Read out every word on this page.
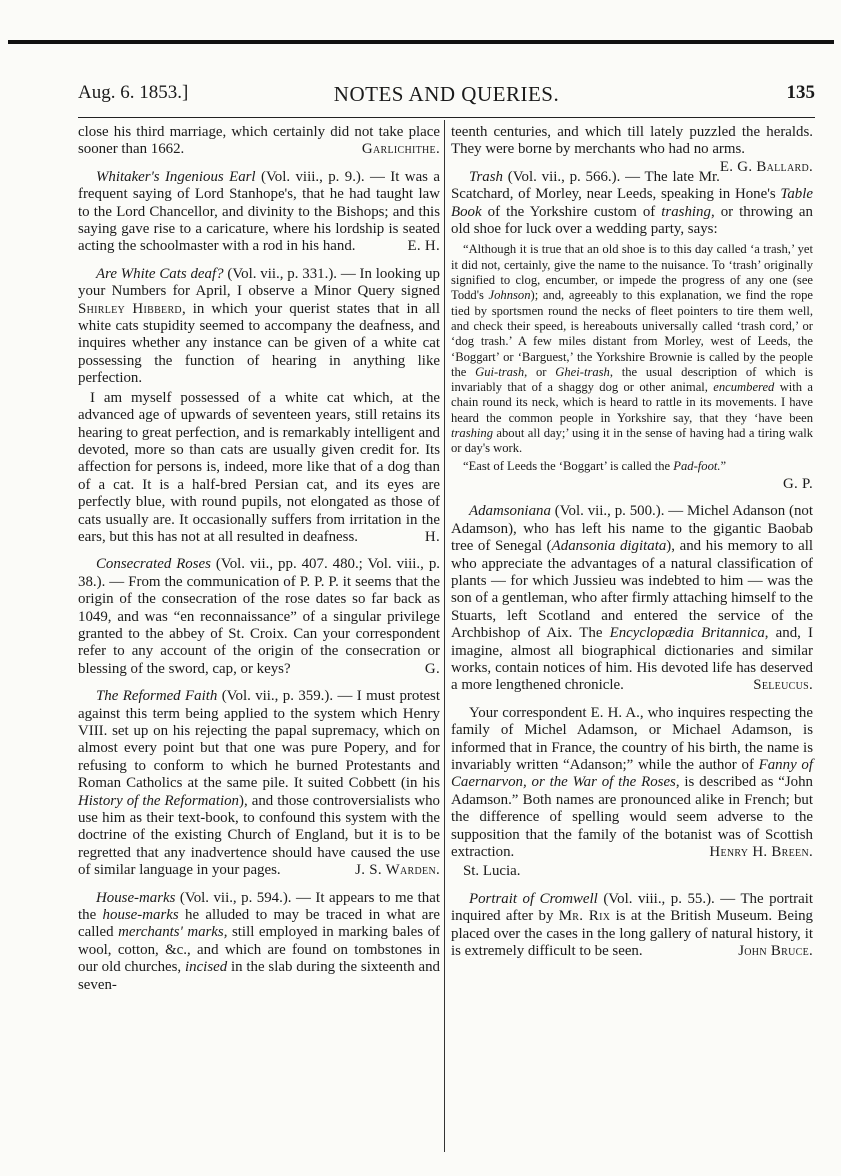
Aug. 6. 1853.]	NOTES AND QUERIES.	135

close his third marriage, which certainly did not take place sooner than 1662.	Garlichithe.

Whitaker's Ingenious Earl (Vol. viii., p. 9.). — It was a frequent saying of Lord Stanhope's, that he had taught law to the Lord Chancellor, and divinity to the Bishops; and this saying gave rise to a caricature, where his lordship is seated acting the schoolmaster with a rod in his hand.	E. H.

Are White Cats deaf? (Vol. vii., p. 331.). — In looking up your Numbers for April, I observe a Minor Query signed Shirley Hibberd, in which your querist states that in all white cats stupidity seemed to accompany the deafness, and inquires whether any instance can be given of a white cat possessing the function of hearing in anything like perfection.

I am myself possessed of a white cat which, at the advanced age of upwards of seventeen years, still retains its hearing to great perfection, and is remarkably intelligent and devoted, more so than cats are usually given credit for. Its affection for persons is, indeed, more like that of a dog than of a cat. It is a half-bred Persian cat, and its eyes are perfectly blue, with round pupils, not elongated as those of cats usually are. It occasionally suffers from irritation in the ears, but this has not at all resulted in deafness.	H.

Consecrated Roses (Vol. vii., pp. 407. 480.; Vol. viii., p. 38.). — From the communication of P. P. P. it seems that the origin of the consecration of the rose dates so far back as 1049, and was “en reconnaissance” of a singular privilege granted to the abbey of St. Croix. Can your correspondent refer to any account of the origin of the consecration or blessing of the sword, cap, or keys?	G.

The Reformed Faith (Vol. vii., p. 359.). — I must protest against this term being applied to the system which Henry VIII. set up on his rejecting the papal supremacy, which on almost every point but that one was pure Popery, and for refusing to conform to which he burned Protestants and Roman Catholics at the same pile. It suited Cobbett (in his History of the Reformation), and those controversialists who use him as their text-book, to confound this system with the doctrine of the existing Church of England, but it is to be regretted that any inadvertence should have caused the use of similar language in your pages.	J. S. Warden.

House-marks (Vol. vii., p. 594.). — It appears to me that the house-marks he alluded to may be traced in what are called merchants' marks, still employed in marking bales of wool, cotton, &c., and which are found on tombstones in our old churches, incised in the slab during the sixteenth and seven-

teenth centuries, and which till lately puzzled the heralds. They were borne by merchants who had no arms.
E. G. Ballard.

Trash (Vol. vii., p. 566.). — The late Mr. Scatchard, of Morley, near Leeds, speaking in Hone's Table Book of the Yorkshire custom of trashing, or throwing an old shoe for luck over a wedding party, says:

“Although it is true that an old shoe is to this day called ‘a trash,’ yet it did not, certainly, give the name to the nuisance. To ‘trash’ originally signified to clog, encumber, or impede the progress of any one (see Todd's Johnson); and, agreeably to this explanation, we find the rope tied by sportsmen round the necks of fleet pointers to tire them well, and check their speed, is hereabouts universally called ‘trash cord,’ or ‘dog trash.’ A few miles distant from Morley, west of Leeds, the ‘Boggart’ or ‘Barguest,’ the Yorkshire Brownie is called by the people the Gui-trash, or Ghei-trash, the usual description of which is invariably that of a shaggy dog or other animal, encumbered with a chain round its neck, which is heard to rattle in its movements. I have heard the common people in Yorkshire say, that they ‘have been trashing about all day;’ using it in the sense of having had a tiring walk or day's work.

“East of Leeds the ‘Boggart’ is called the Pad-foot.”

G. P.

Adamsoniana (Vol. vii., p. 500.). — Michel Adanson (not Adamson), who has left his name to the gigantic Baobab tree of Senegal (Adansonia digitata), and his memory to all who appreciate the advantages of a natural classification of plants — for which Jussieu was indebted to him — was the son of a gentleman, who after firmly attaching himself to the Stuarts, left Scotland and entered the service of the Archbishop of Aix. The Encyclopædia Britannica, and, I imagine, almost all biographical dictionaries and similar works, contain notices of him. His devoted life has deserved a more lengthened chronicle.	Seleucus.

Your correspondent E. H. A., who inquires respecting the family of Michel Adamson, or Michael Adamson, is informed that in France, the country of his birth, the name is invariably written “Adanson;” while the author of Fanny of Caernarvon, or the War of the Roses, is described as “John Adamson.” Both names are pronounced alike in French; but the difference of spelling would seem adverse to the supposition that the family of the botanist was of Scottish extraction.	Henry H. Breen.

St. Lucia.

Portrait of Cromwell (Vol. viii., p. 55.). — The portrait inquired after by Mr. Rix is at the British Museum. Being placed over the cases in the long gallery of natural history, it is extremely difficult to be seen.	John Bruce.
